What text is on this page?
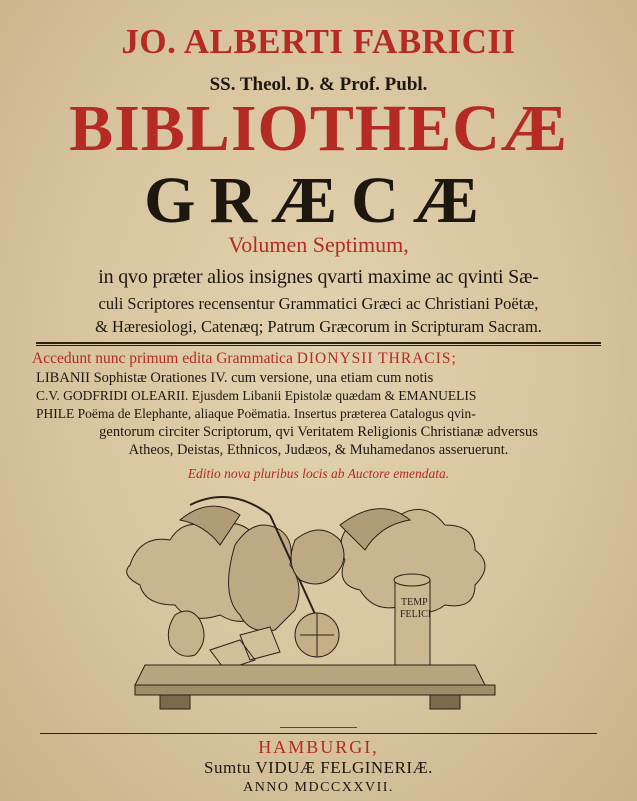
JO. ALBERTI FABRICII
SS. Theol. D. & Prof. Publ.
BIBLIOTHECÆ
GRÆCÆ
Volumen Septimum,
in qvo præter alios insignes qvarti maxime ac qvinti Sæ-
culi Scriptores recensentur Grammatici Græci ac Christiani Poëtæ,
& Hæresiologi, Catenæq; Patrum Græcorum in Scripturam Sacram.
Accedunt nunc primum edita Grammatica DIONYSII THRACIS;
LIBANII Sophistæ Orationes IV. cum versione, una etiam cum notis
C.V. GODFRIDI OLEARII. Ejusdem Libanii Epistolæ quædam & EMANUELIS
PHILE Poëma de Elephante, aliaque Poëmatia. Insertus præterea Catalogus qvin-
gentorum circiter Scriptorum, qvi Veritatem Religionis Christianæ adversus
Atheos, Deistas, Ethnicos, Judæos, & Muhamedanos asseruerunt.
Editio nova pluribus locis ab Auctore emendata.
TEMP
FELICI
HAMBURGI,
Sumtu VIDUÆ FELGINERIÆ.
ANNO MDCCXXVII.
